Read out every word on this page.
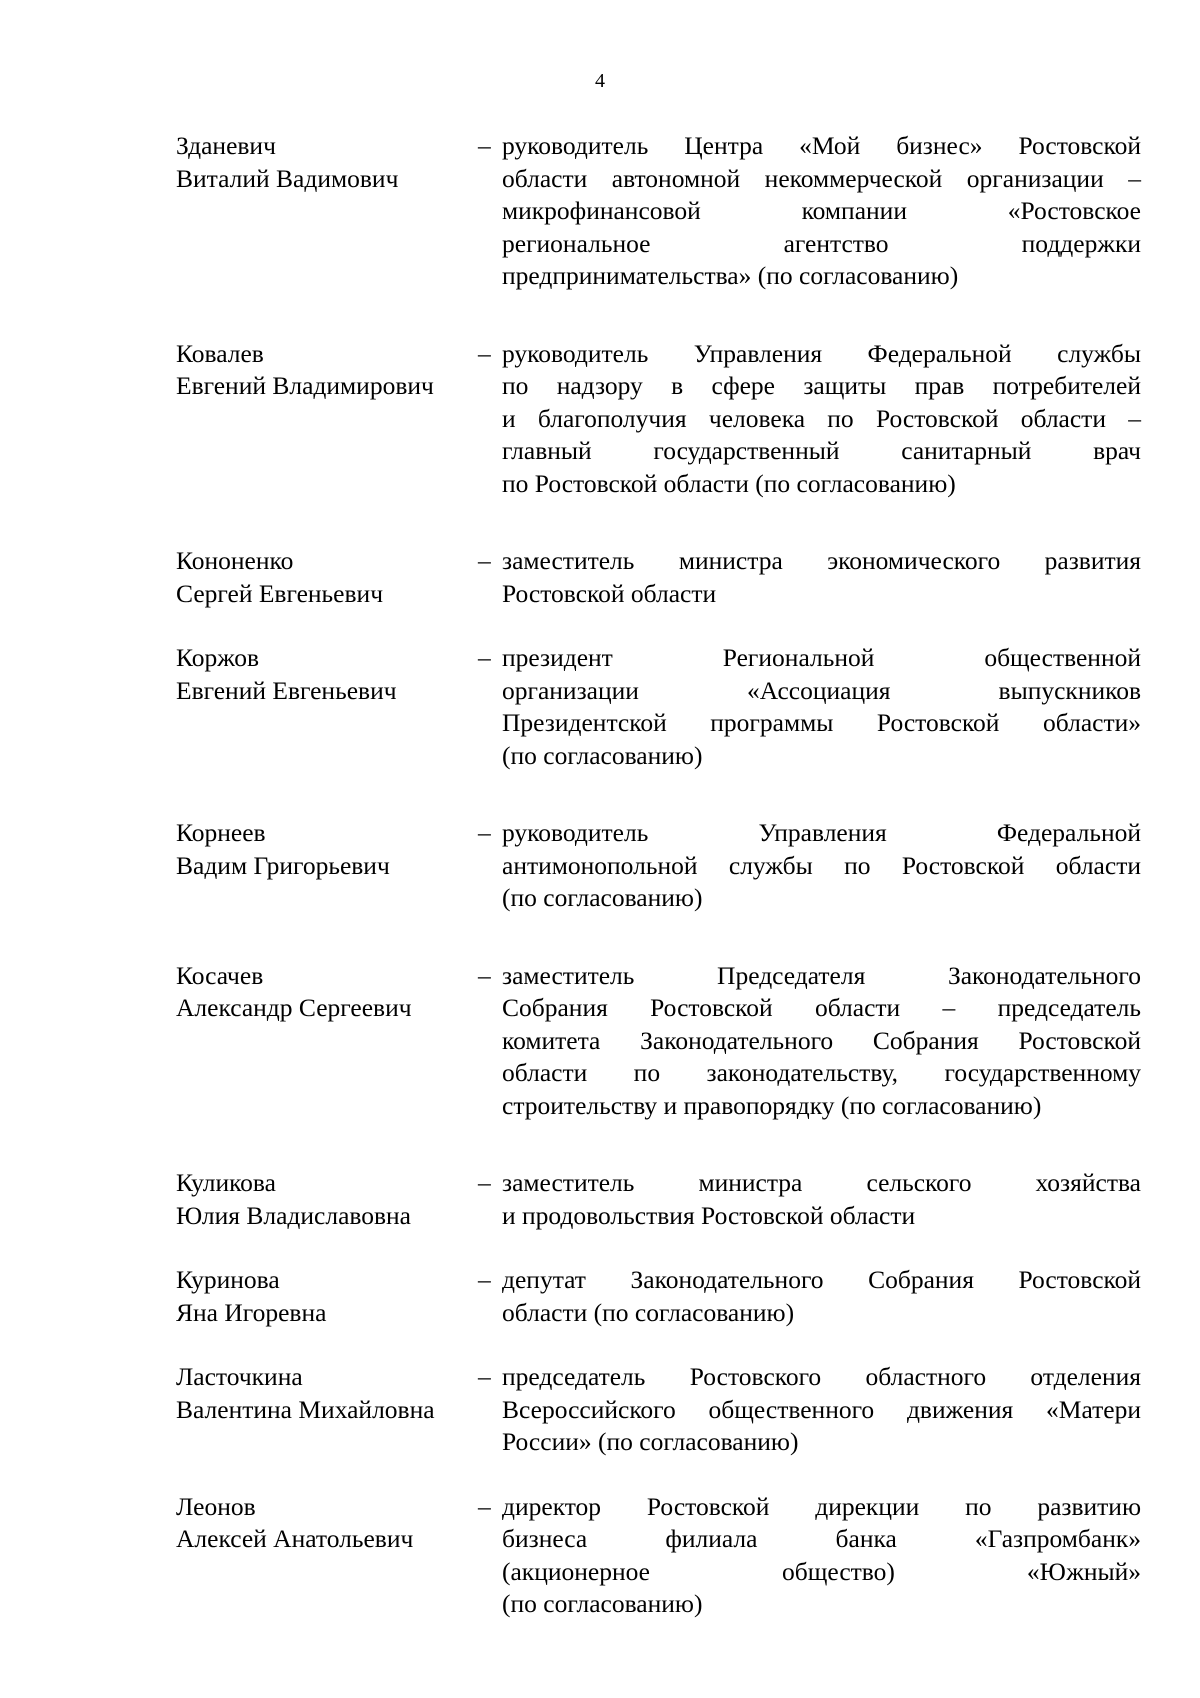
4
Зданевич
Виталий Вадимович
– руководитель Центра «Мой бизнес» Ростовской
области автономной некоммерческой организации –
микрофинансовой компании «Ростовское
региональное агентство поддержки
предпринимательства» (по согласованию)
Ковалев
Евгений Владимирович
– руководитель Управления Федеральной службы
по надзору в сфере защиты прав потребителей
и благополучия человека по Ростовской области –
главный государственный санитарный врач
по Ростовской области (по согласованию)
Кононенко
Сергей Евгеньевич
– заместитель министра экономического развития
Ростовской области
Коржов
Евгений Евгеньевич
– президент Региональной общественной
организации «Ассоциация выпускников
Президентской программы Ростовской области»
(по согласованию)
Корнеев
Вадим Григорьевич
– руководитель Управления Федеральной
антимонопольной службы по Ростовской области
(по согласованию)
Косачев
Александр Сергеевич
– заместитель Председателя Законодательного
Собрания Ростовской области – председатель
комитета Законодательного Собрания Ростовской
области по законодательству, государственному
строительству и правопорядку (по согласованию)
Куликова
Юлия Владиславовна
– заместитель министра сельского хозяйства
и продовольствия Ростовской области
Куринова
Яна Игоревна
– депутат Законодательного Собрания Ростовской
области (по согласованию)
Ласточкина
Валентина Михайловна
– председатель Ростовского областного отделения
Всероссийского общественного движения «Матери
России» (по согласованию)
Леонов
Алексей Анатольевич
– директор Ростовской дирекции по развитию
бизнеса филиала банка «Газпромбанк»
(акционерное общество) «Южный»
(по согласованию)
